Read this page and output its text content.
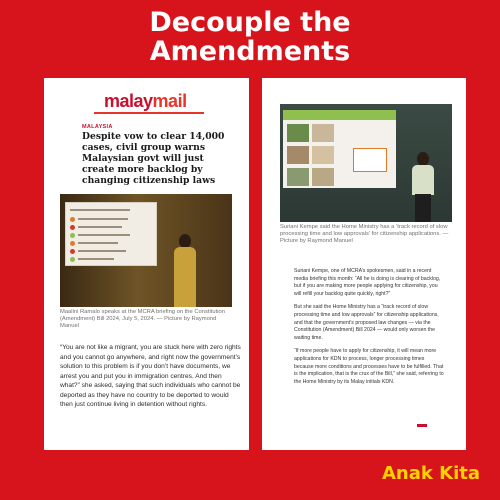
Decouple the
Amendments
malaymail
MALAYSIA
Despite vow to clear 14,000 cases, civil group warns Malaysian govt will just create more backlog by changing citizenship laws
Maalini Ramalo speaks at the MCRA briefing on the Constitution (Amendment) Bill 2024, July 5, 2024. — Picture by Raymond Manuel
“You are not like a migrant, you are stuck here with zero rights and you cannot go anywhere, and right now the government’s solution to this problem is if you don’t have documents, we arrest you and put you in immigration centres. And then what?” she asked, saying that such individuals who cannot be deported as they have no country to be deported to would then just continue living in detention without rights.
Suriani Kempe said the Home Ministry has a ‘track record of slow processing time and low approvals’ for citizenship applications. — Picture by Raymond Manuel

Suriani Kempe, one of MCRA’s spokesmen, said in a recent media briefing this month: “All he is doing is clearing of backlog, but if you are making more people applying for citizenship, you will refill your backlog quite quickly, right?”

But she said the Home Ministry has a “track record of slow processing time and low approvals” for citizenship applications, and that the government’s proposed law changes — via the Constitution (Amendment) Bill 2024 — would only worsen the waiting time.

“If more people have to apply for citizenship, it will mean more applications for KDN to process, longer processing times because more conditions and processes have to be fulfilled. That is the implication, that is the crux of the Bill,” she said, referring to the Home Ministry by its Malay initials KDN.

Anak Kita
